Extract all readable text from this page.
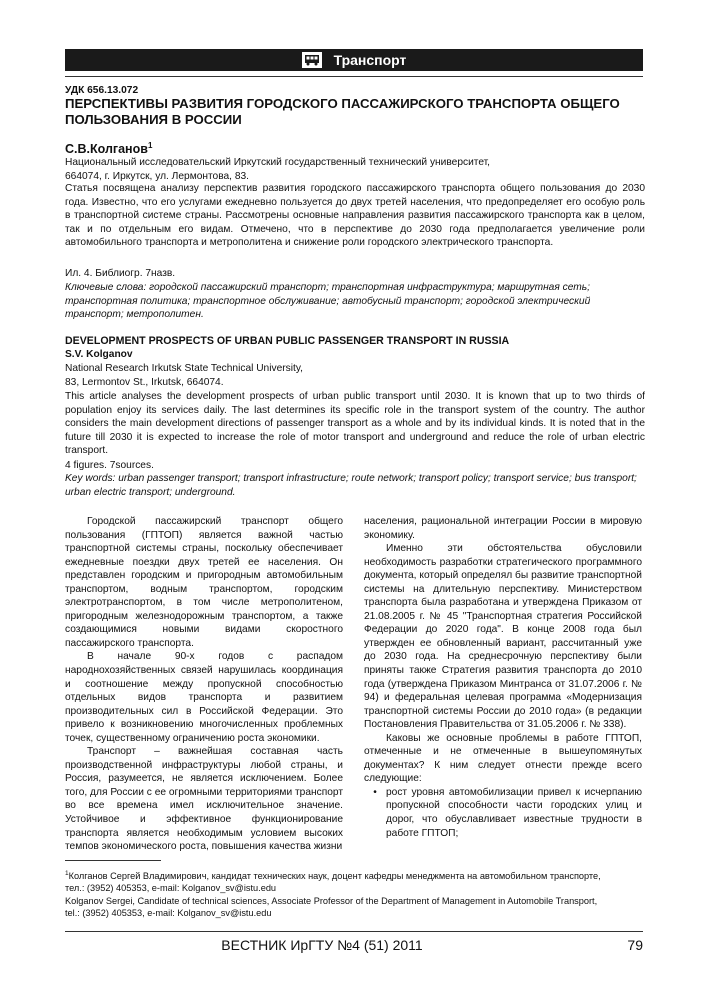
Транспорт
УДК 656.13.072
ПЕРСПЕКТИВЫ РАЗВИТИЯ ГОРОДСКОГО ПАССАЖИРСКОГО ТРАНСПОРТА ОБЩЕГО ПОЛЬЗОВАНИЯ В РОССИИ
С.В.Колганов$^1$
Национальный исследовательский Иркутский государственный технический университет,
664074, г. Иркутск, ул. Лермонтова, 83.
Статья посвящена анализу перспектив развития городского пассажирского транспорта общего пользования до 2030 года. Известно, что его услугами ежедневно пользуется до двух третей населения, что предопределяет его особую роль в транспортной системе страны. Рассмотрены основные направления развития пассажирского транспорта как в целом, так и по отдельным его видам. Отмечено, что в перспективе до 2030 года предполагается увеличение роли автомобильного транспорта и метрополитена и снижение роли городского электрического транспорта.
Ил. 4. Библиогр. 7назв.
Ключевые слова: городской пассажирский транспорт; транспортная инфраструктура; маршрутная сеть; транспортная политика; транспортное обслуживание; автобусный транспорт; городской электрический транспорт; метрополитен.
DEVELOPMENT PROSPECTS OF URBAN PUBLIC PASSENGER TRANSPORT IN RUSSIA
S.V. Kolganov
National Research Irkutsk State Technical University,
83, Lermontov St., Irkutsk, 664074.
This article analyses the development prospects of urban public transport until 2030. It is known that up to two thirds of population enjoy its services daily. The last determines its specific role in the transport system of the country. The author considers the main development directions of passenger transport as a whole and by its individual kinds. It is noted that in the future till 2030 it is expected to increase the role of motor transport and underground and reduce the role of urban electric transport.
4 figures. 7sources.
Key words: urban passenger transport; transport infrastructure; route network; transport policy; transport service; bus transport; urban electric transport; underground.

Городской пассажирский транспорт общего пользования (ГПТОП) является важной частью транспортной системы страны, поскольку обеспечивает ежедневные поездки двух третей ее населения. Он представлен городским и пригородным автомобильным транспортом, водным транспортом, городским электротранспортом, в том числе метрополитеном, пригородным железнодорожным транспортом, а также создающимися новыми видами скоростного пассажирского транспорта.

В начале 90-х годов с распадом народнохозяйственных связей нарушилась координация и соотношение между пропускной способностью отдельных видов транспорта и развитием производительных сил в Российской Федерации. Это привело к возникновению многочисленных проблемных точек, существенному ограничению роста экономики.

Транспорт – важнейшая составная часть производственной инфраструктуры любой страны, и Россия, разумеется, не является исключением. Более того, для России с ее огромными территориями транспорт во все времена имел исключительное значение. Устойчивое и эффективное функционирование транспорта является необходимым условием высоких темпов экономического роста, повышения качества жизни

населения, рациональной интеграции России в мировую экономику.

Именно эти обстоятельства обусловили необходимость разработки стратегического программного документа, который определял бы развитие транспортной системы на длительную перспективу. Министерством транспорта была разработана и утверждена Приказом от 21.08.2005 г. № 45 "Транспортная стратегия Российской Федерации до 2020 года". В конце 2008 года был утвержден ее обновленный вариант, рассчитанный уже до 2030 года. На среднесрочную перспективу были приняты также Стратегия развития транспорта до 2010 года (утверждена Приказом Минтранса от 31.07.2006 г. № 94) и федеральная целевая программа «Модернизация транспортной системы России до 2010 года» (в редакции Постановления Правительства от 31.05.2006 г. № 338).

Каковы же основные проблемы в работе ГПТОП, отмеченные и не отмеченные в вышеупомянутых документах? К ним следует отнести прежде всего следующие:

• рост уровня автомобилизации привел к исчерпанию пропускной способности части городских улиц и дорог, что обуславливает известные трудности в работе ГПТОП;
$^1$Колганов Сергей Владимирович, кандидат технических наук, доцент кафедры менеджмента на автомобильном транспорте,
тел.: (3952) 405353, e-mail: Kolganov_sv@istu.edu
Kolganov Sergei, Candidate of technical sciences, Associate Professor of the Department of Management in Automobile Transport,
tel.: (3952) 405353, e-mail: Kolganov_sv@istu.edu
ВЕСТНИК ИрГТУ №4 (51) 2011	79
